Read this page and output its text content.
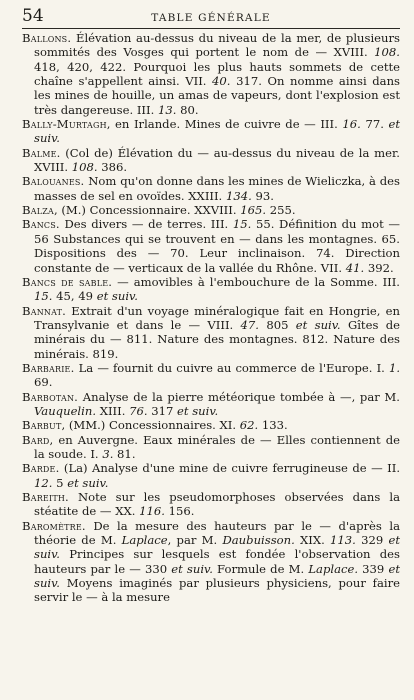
54	TABLE GÉNÉRALE

Ballons. Élévation au-dessus du niveau de la mer, de plusieurs sommités des Vosges qui portent le nom de — XVIII. 108. 418, 420, 422. Pourquoi les plus hauts sommets de cette chaîne s'appellent ainsi. VII. 40. 317. On nomme ainsi dans les mines de houille, un amas de vapeurs, dont l'explosion est très dangereuse. III. 13. 80.

Bally-Murtagh, en Irlande. Mines de cuivre de — III. 16. 77. et suiv.

Balme. (Col de) Élévation du — au-dessus du niveau de la mer. XVIII. 108. 386.

Balouanes. Nom qu'on donne dans les mines de Wieliczka, à des masses de sel en ovoïdes. XXIII. 134. 93.

Balza, (M.) Concessionnaire. XXVIII. 165. 255.

Bancs. Des divers — de terres. III. 15. 55. Définition du mot — 56 Substances qui se trouvent en — dans les montagnes. 65. Dispositions des — 70. Leur inclinaison. 74. Direction constante de — verticaux de la vallée du Rhône. VII. 41. 392.

Bancs de sable. — amovibles à l'embouchure de la Somme. III. 15. 45, 49 et suiv.

Bannat. Extrait d'un voyage minéralogique fait en Hongrie, en Transylvanie et dans le — VIII. 47. 805 et suiv. Gîtes de minérais du — 811. Nature des montagnes. 812. Nature des minérais. 819.

Barbarie. La — fournit du cuivre au commerce de l'Europe. I. 1. 69.

Barbotan. Analyse de la pierre météorique tombée à —, par M. Vauquelin. XIII. 76. 317 et suiv.

Barbut, (MM.) Concessionnaires. XI. 62. 133.

Bard, en Auvergne. Eaux minérales de — Elles contiennent de la soude. I. 3. 81.

Barde. (La) Analyse d'une mine de cuivre ferrugineuse de — II. 12. 5 et suiv.

Bareith. Note sur les pseudomorphoses observées dans la stéatite de — XX. 116. 156.

Baromètre. De la mesure des hauteurs par le — d'après la théorie de M. Laplace, par M. Daubuisson. XIX. 113. 329 et suiv. Principes sur lesquels est fondée l'observation des hauteurs par le — 330 et suiv. Formule de M. Laplace. 339 et suiv. Moyens imaginés par plusieurs physiciens, pour faire servir le — à la mesure
